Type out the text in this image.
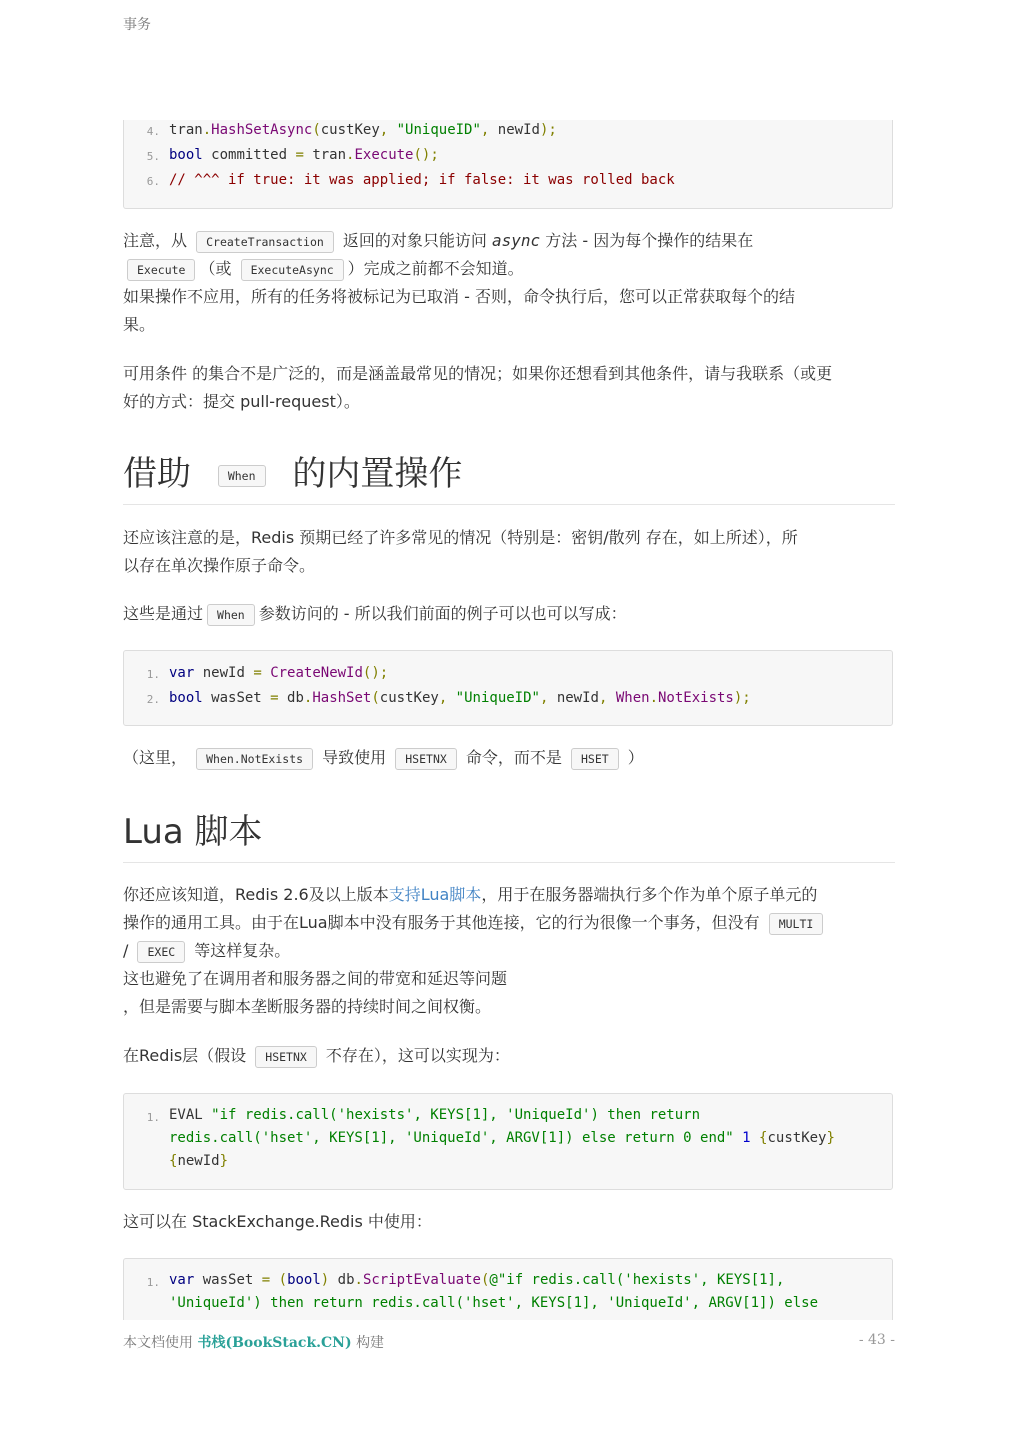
事务
4. tran.HashSetAsync(custKey, "UniqueID", newId);
5. bool committed = tran.Execute();
6. // ^^^ if true: it was applied; if false: it was rolled back
注意，从 CreateTransaction 返回的对象只能访问 async 方法 - 因为每个操作的结果在
Execute （或 ExecuteAsync ）完成之前都不会知道。
如果操作不应用，所有的任务将被标记为已取消 - 否则，命令执行后，您可以正常获取每个的结
果。
可用条件 的集合不是广泛的，而是涵盖最常见的情况；如果你还想看到其他条件，请与我联系（或更
好的方式：提交 pull-request）。
借助	When 的内置操作
还应该注意的是，Redis 预期已经了许多常见的情况（特别是：密钥/散列 存在，如上所述），所
以存在单次操作原子命令。
这些是通过 When 参数访问的 - 所以我们前面的例子可以也可以写成：
1. var newId = CreateNewId();
2. bool wasSet = db.HashSet(custKey, "UniqueID", newId, When.NotExists);
（这里， When.NotExists 导致使用 HSETNX 命令，而不是 HSET ）
Lua 脚本
你还应该知道，Redis 2.6及以上版本支持Lua脚本，用于在服务器端执行多个作为单个原子单元的
操作的通用工具。由于在Lua脚本中没有服务于其他连接，它的行为很像一个事务，但没有 MULTI
/ EXEC 等这样复杂。
这也避免了在调用者和服务器之间的带宽和延迟等问题
，但是需要与脚本垄断服务器的持续时间之间权衡。
在Redis层（假设 HSETNX 不存在），这可以实现为：
1. EVAL "if redis.call('hexists', KEYS[1], 'UniqueId') then return
redis.call('hset', KEYS[1], 'UniqueId', ARGV[1]) else return 0 end" 1 {custKey}
{newId}
这可以在 StackExchange.Redis 中使用：
1. var wasSet = (bool) db.ScriptEvaluate(@"if redis.call('hexists', KEYS[1],
'UniqueId') then return redis.call('hset', KEYS[1], 'UniqueId', ARGV[1]) else
本文档使用 书栈(BookStack.CN) 构建	- 43 -
